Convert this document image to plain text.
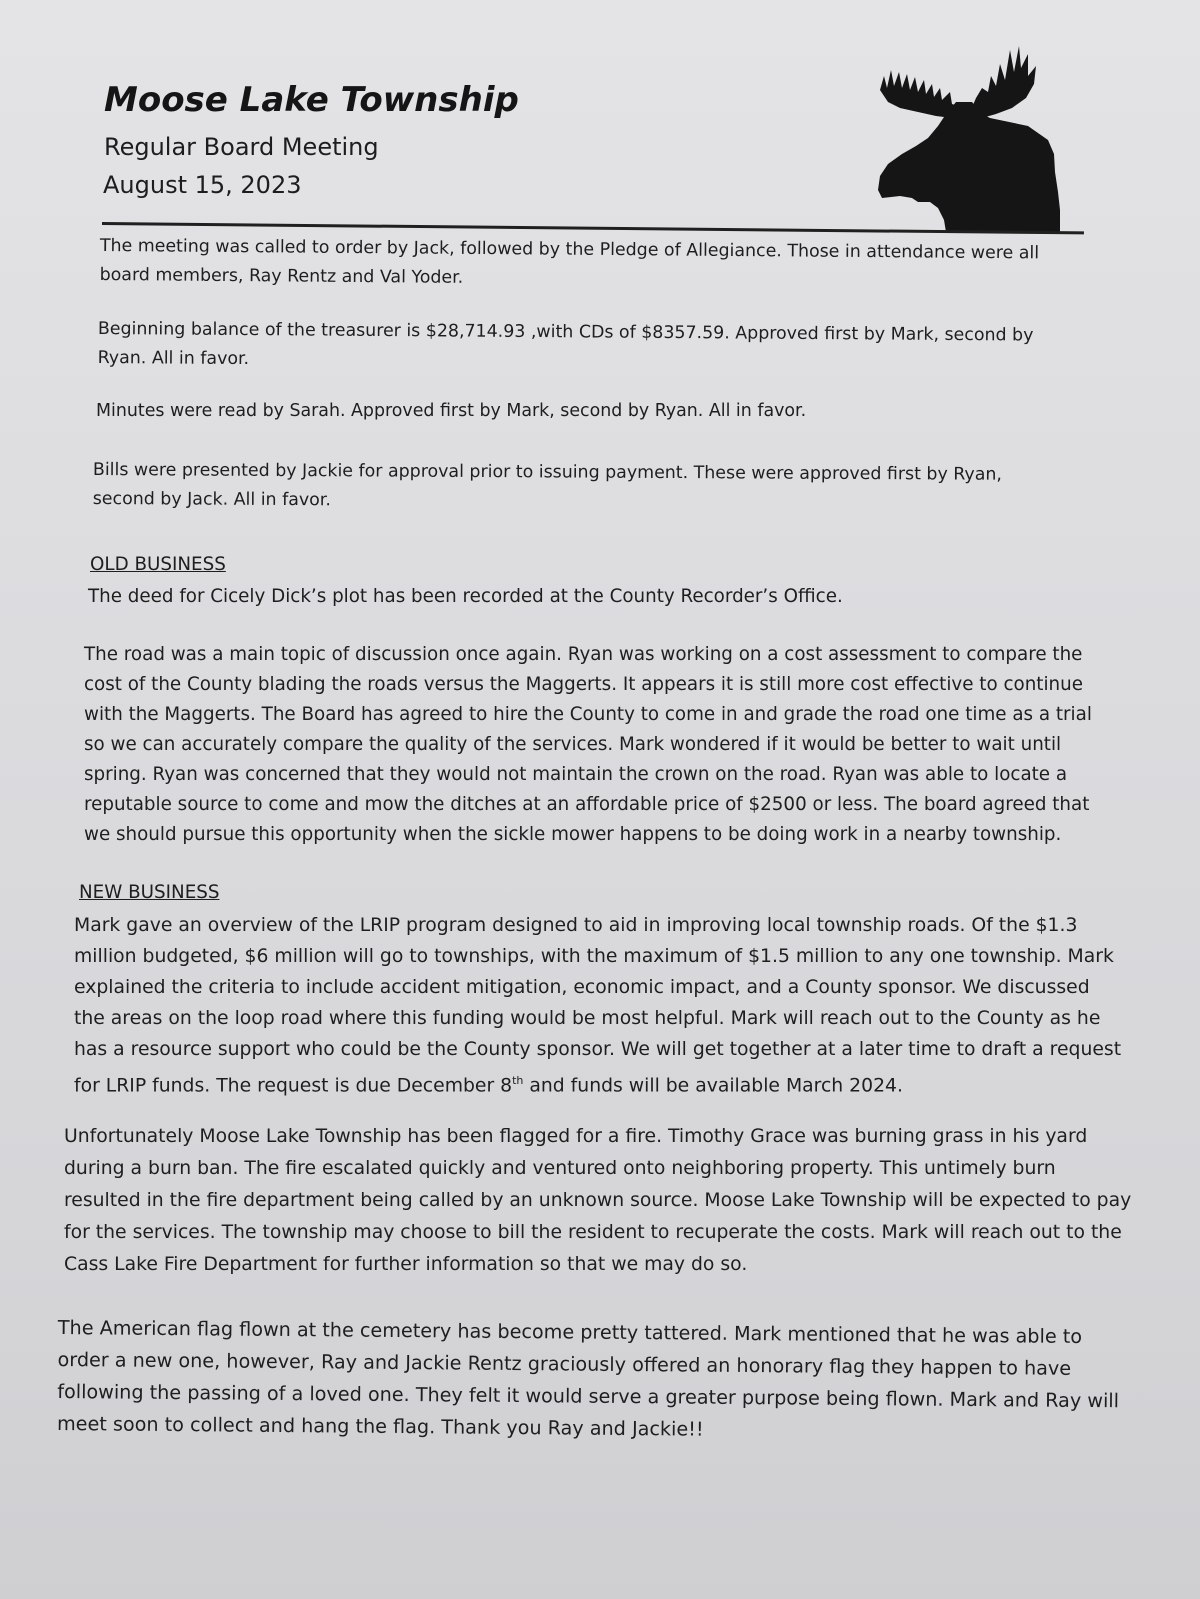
Moose Lake Township
Regular Board Meeting
August 15, 2023

The meeting was called to order by Jack, followed by the Pledge of Allegiance. Those in attendance were all board members, Ray Rentz and Val Yoder.

Beginning balance of the treasurer is $28,714.93 ,with CDs of $8357.59. Approved first by Mark, second by Ryan. All in favor.

Minutes were read by Sarah. Approved first by Mark, second by Ryan. All in favor.

Bills were presented by Jackie for approval prior to issuing payment. These were approved first by Ryan, second by Jack. All in favor.

OLD BUSINESS

The deed for Cicely Dick’s plot has been recorded at the County Recorder’s Office.

The road was a main topic of discussion once again. Ryan was working on a cost assessment to compare the cost of the County blading the roads versus the Maggerts. It appears it is still more cost effective to continue with the Maggerts. The Board has agreed to hire the County to come in and grade the road one time as a trial so we can accurately compare the quality of the services. Mark wondered if it would be better to wait until spring. Ryan was concerned that they would not maintain the crown on the road. Ryan was able to locate a reputable source to come and mow the ditches at an affordable price of $2500 or less. The board agreed that we should pursue this opportunity when the sickle mower happens to be doing work in a nearby township.

NEW BUSINESS

Mark gave an overview of the LRIP program designed to aid in improving local township roads. Of the $1.3 million budgeted, $6 million will go to townships, with the maximum of $1.5 million to any one township. Mark explained the criteria to include accident mitigation, economic impact, and a County sponsor. We discussed the areas on the loop road where this funding would be most helpful. Mark will reach out to the County as he has a resource support who could be the County sponsor. We will get together at a later time to draft a request for LRIP funds. The request is due December 8th and funds will be available March 2024.

Unfortunately Moose Lake Township has been flagged for a fire. Timothy Grace was burning grass in his yard during a burn ban. The fire escalated quickly and ventured onto neighboring property. This untimely burn resulted in the fire department being called by an unknown source. Moose Lake Township will be expected to pay for the services. The township may choose to bill the resident to recuperate the costs. Mark will reach out to the Cass Lake Fire Department for further information so that we may do so.

The American flag flown at the cemetery has become pretty tattered. Mark mentioned that he was able to order a new one, however, Ray and Jackie Rentz graciously offered an honorary flag they happen to have following the passing of a loved one. They felt it would serve a greater purpose being flown. Mark and Ray will meet soon to collect and hang the flag. Thank you Ray and Jackie!!
